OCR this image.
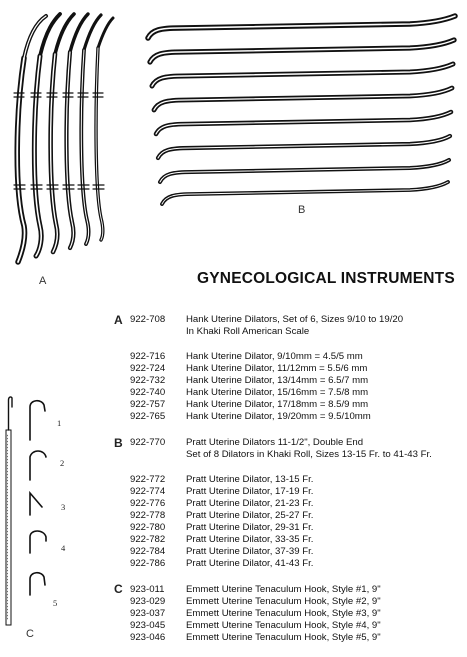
A
B
1
2
3
4
5
C
GYNECOLOGICAL INSTRUMENTS
A 922-708 Hank Uterine Dilators, Set of 6, Sizes 9/10 to 19/20
In Khaki Roll American Scale
922-716 Hank Uterine Dilator, 9/10mm = 4.5/5 mm
922-724 Hank Uterine Dilator, 11/12mm = 5.5/6 mm
922-732 Hank Uterine Dilator, 13/14mm = 6.5/7 mm
922-740 Hank Uterine Dilator, 15/16mm = 7.5/8 mm
922-757 Hank Uterine Dilator, 17/18mm = 8.5/9 mm
922-765 Hank Uterine Dilator, 19/20mm = 9.5/10mm
B 922-770 Pratt Uterine Dilators 11-1/2", Double End
Set of 8 Dilators in Khaki Roll, Sizes 13-15 Fr. to 41-43 Fr.
922-772 Pratt Uterine Dilator, 13-15 Fr.
922-774 Pratt Uterine Dilator, 17-19 Fr.
922-776 Pratt Uterine Dilator, 21-23 Fr.
922-778 Pratt Uterine Dilator, 25-27 Fr.
922-780 Pratt Uterine Dilator, 29-31 Fr.
922-782 Pratt Uterine Dilator, 33-35 Fr.
922-784 Pratt Uterine Dilator, 37-39 Fr.
922-786 Pratt Uterine Dilator, 41-43 Fr.
C 923-011 Emmett Uterine Tenaculum Hook, Style #1, 9"
923-029 Emmett Uterine Tenaculum Hook, Style #2, 9"
923-037 Emmett Uterine Tenaculum Hook, Style #3, 9"
923-045 Emmett Uterine Tenaculum Hook, Style #4, 9"
923-046 Emmett Uterine Tenaculum Hook, Style #5, 9"
